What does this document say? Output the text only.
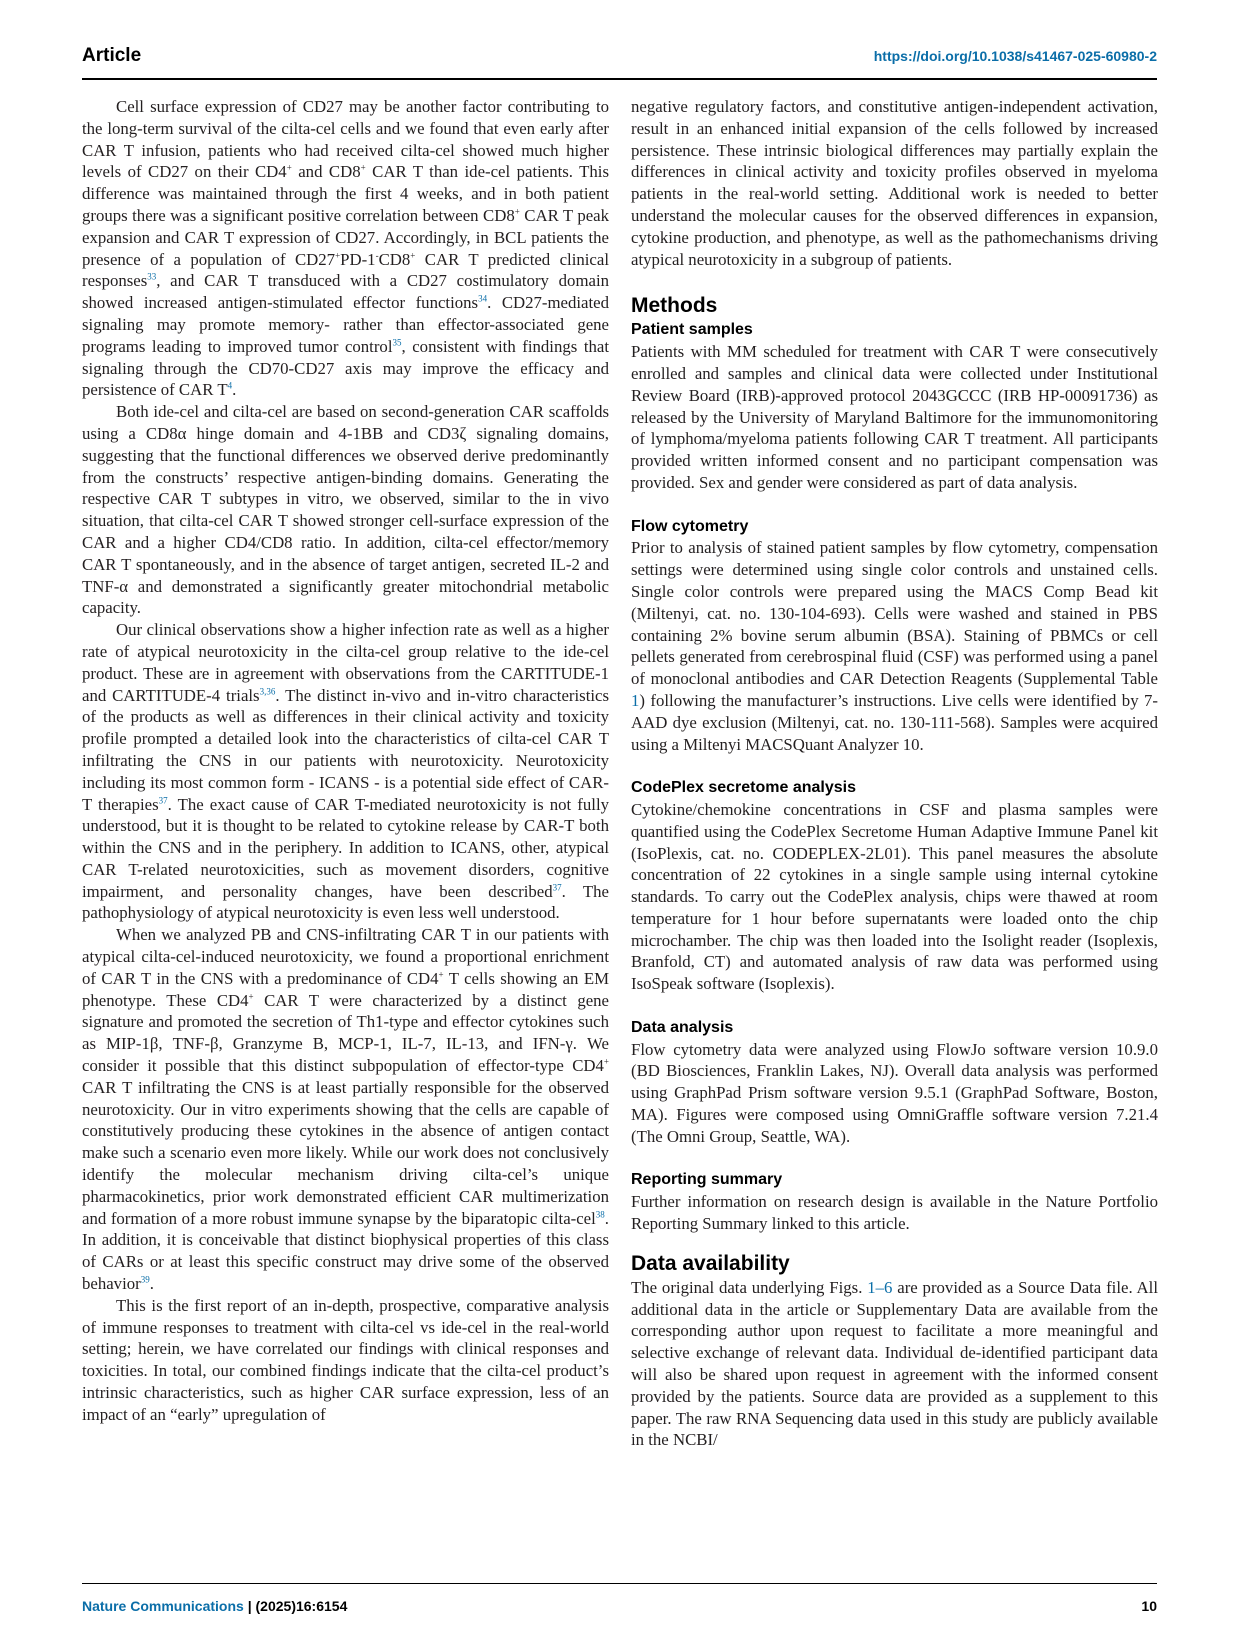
Article	https://doi.org/10.1038/s41467-025-60980-2

Cell surface expression of CD27 may be another factor contributing to the long-term survival of the cilta-cel cells and we found that even early after CAR T infusion, patients who had received cilta-cel showed much higher levels of CD27 on their CD4+ and CD8+ CAR T than ide-cel patients. This difference was maintained through the first 4 weeks, and in both patient groups there was a significant positive correlation between CD8+ CAR T peak expansion and CAR T expression of CD27. Accordingly, in BCL patients the presence of a population of CD27+PD-1-CD8+ CAR T predicted clinical responses$^{33}$, and CAR T transduced with a CD27 costimulatory domain showed increased antigen-stimulated effector functions$^{34}$. CD27-mediated signaling may promote memory- rather than effector-associated gene programs leading to improved tumor control$^{35}$, consistent with findings that signaling through the CD70-CD27 axis may improve the efficacy and persistence of CAR T$^4$.

Both ide-cel and cilta-cel are based on second-generation CAR scaffolds using a CD8α hinge domain and 4-1BB and CD3ζ signaling domains, suggesting that the functional differences we observed derive predominantly from the constructs’ respective antigen-binding domains. Generating the respective CAR T subtypes in vitro, we observed, similar to the in vivo situation, that cilta-cel CAR T showed stronger cell-surface expression of the CAR and a higher CD4/CD8 ratio. In addition, cilta-cel effector/memory CAR T spontaneously, and in the absence of target antigen, secreted IL-2 and TNF-α and demonstrated a significantly greater mitochondrial metabolic capacity.

Our clinical observations show a higher infection rate as well as a higher rate of atypical neurotoxicity in the cilta-cel group relative to the ide-cel product. These are in agreement with observations from the CARTITUDE-1 and CARTITUDE-4 trials$^{3,36}$. The distinct in-vivo and in-vitro characteristics of the products as well as differences in their clinical activity and toxicity profile prompted a detailed look into the characteristics of cilta-cel CAR T infiltrating the CNS in our patients with neurotoxicity. Neurotoxicity including its most common form - ICANS - is a potential side effect of CAR-T therapies$^{37}$. The exact cause of CAR T-mediated neurotoxicity is not fully understood, but it is thought to be related to cytokine release by CAR-T both within the CNS and in the periphery. In addition to ICANS, other, atypical CAR T-related neurotoxicities, such as movement disorders, cognitive impairment, and personality changes, have been described$^{37}$. The pathophysiology of atypical neurotoxicity is even less well understood.

When we analyzed PB and CNS-infiltrating CAR T in our patients with atypical cilta-cel-induced neurotoxicity, we found a proportional enrichment of CAR T in the CNS with a predominance of CD4+ T cells showing an EM phenotype. These CD4+ CAR T were characterized by a distinct gene signature and promoted the secretion of Th1-type and effector cytokines such as MIP-1β, TNF-β, Granzyme B, MCP-1, IL-7, IL-13, and IFN-γ. We consider it possible that this distinct subpopulation of effector-type CD4+ CAR T infiltrating the CNS is at least partially responsible for the observed neurotoxicity. Our in vitro experiments showing that the cells are capable of constitutively producing these cytokines in the absence of antigen contact make such a scenario even more likely. While our work does not conclusively identify the molecular mechanism driving cilta-cel’s unique pharmacokinetics, prior work demonstrated efficient CAR multimerization and formation of a more robust immune synapse by the biparatopic cilta-cel$^{38}$. In addition, it is conceivable that distinct biophysical properties of this class of CARs or at least this specific construct may drive some of the observed behavior$^{39}$.

This is the first report of an in-depth, prospective, comparative analysis of immune responses to treatment with cilta-cel vs ide-cel in the real-world setting; herein, we have correlated our findings with clinical responses and toxicities. In total, our combined findings indicate that the cilta-cel product’s intrinsic characteristics, such as higher CAR surface expression, less of an impact of an “early” upregulation of

negative regulatory factors, and constitutive antigen-independent activation, result in an enhanced initial expansion of the cells followed by increased persistence. These intrinsic biological differences may partially explain the differences in clinical activity and toxicity profiles observed in myeloma patients in the real-world setting. Additional work is needed to better understand the molecular causes for the observed differences in expansion, cytokine production, and phenotype, as well as the pathomechanisms driving atypical neurotoxicity in a subgroup of patients.

Methods
Patient samples

Patients with MM scheduled for treatment with CAR T were consecutively enrolled and samples and clinical data were collected under Institutional Review Board (IRB)-approved protocol 2043GCCC (IRB HP-00091736) as released by the University of Maryland Baltimore for the immunomonitoring of lymphoma/myeloma patients following CAR T treatment. All participants provided written informed consent and no participant compensation was provided. Sex and gender were considered as part of data analysis.

Flow cytometry

Prior to analysis of stained patient samples by flow cytometry, compensation settings were determined using single color controls and unstained cells. Single color controls were prepared using the MACS Comp Bead kit (Miltenyi, cat. no. 130-104-693). Cells were washed and stained in PBS containing 2% bovine serum albumin (BSA). Staining of PBMCs or cell pellets generated from cerebrospinal fluid (CSF) was performed using a panel of monoclonal antibodies and CAR Detection Reagents (Supplemental Table 1) following the manufacturer’s instructions. Live cells were identified by 7-AAD dye exclusion (Miltenyi, cat. no. 130-111-568). Samples were acquired using a Miltenyi MACSQuant Analyzer 10.

CodePlex secretome analysis

Cytokine/chemokine concentrations in CSF and plasma samples were quantified using the CodePlex Secretome Human Adaptive Immune Panel kit (IsoPlexis, cat. no. CODEPLEX-2L01). This panel measures the absolute concentration of 22 cytokines in a single sample using internal cytokine standards. To carry out the CodePlex analysis, chips were thawed at room temperature for 1 hour before supernatants were loaded onto the chip microchamber. The chip was then loaded into the Isolight reader (Isoplexis, Branfold, CT) and automated analysis of raw data was performed using IsoSpeak software (Isoplexis).

Data analysis

Flow cytometry data were analyzed using FlowJo software version 10.9.0 (BD Biosciences, Franklin Lakes, NJ). Overall data analysis was performed using GraphPad Prism software version 9.5.1 (GraphPad Software, Boston, MA). Figures were composed using OmniGraffle software version 7.21.4 (The Omni Group, Seattle, WA).

Reporting summary

Further information on research design is available in the Nature Portfolio Reporting Summary linked to this article.

Data availability

The original data underlying Figs. 1–6 are provided as a Source Data file. All additional data in the article or Supplementary Data are available from the corresponding author upon request to facilitate a more meaningful and selective exchange of relevant data. Individual de-identified participant data will also be shared upon request in agreement with the informed consent provided by the patients. Source data are provided as a supplement to this paper. The raw RNA Sequencing data used in this study are publicly available in the NCBI/

Nature Communications | (2025)16:6154	10
